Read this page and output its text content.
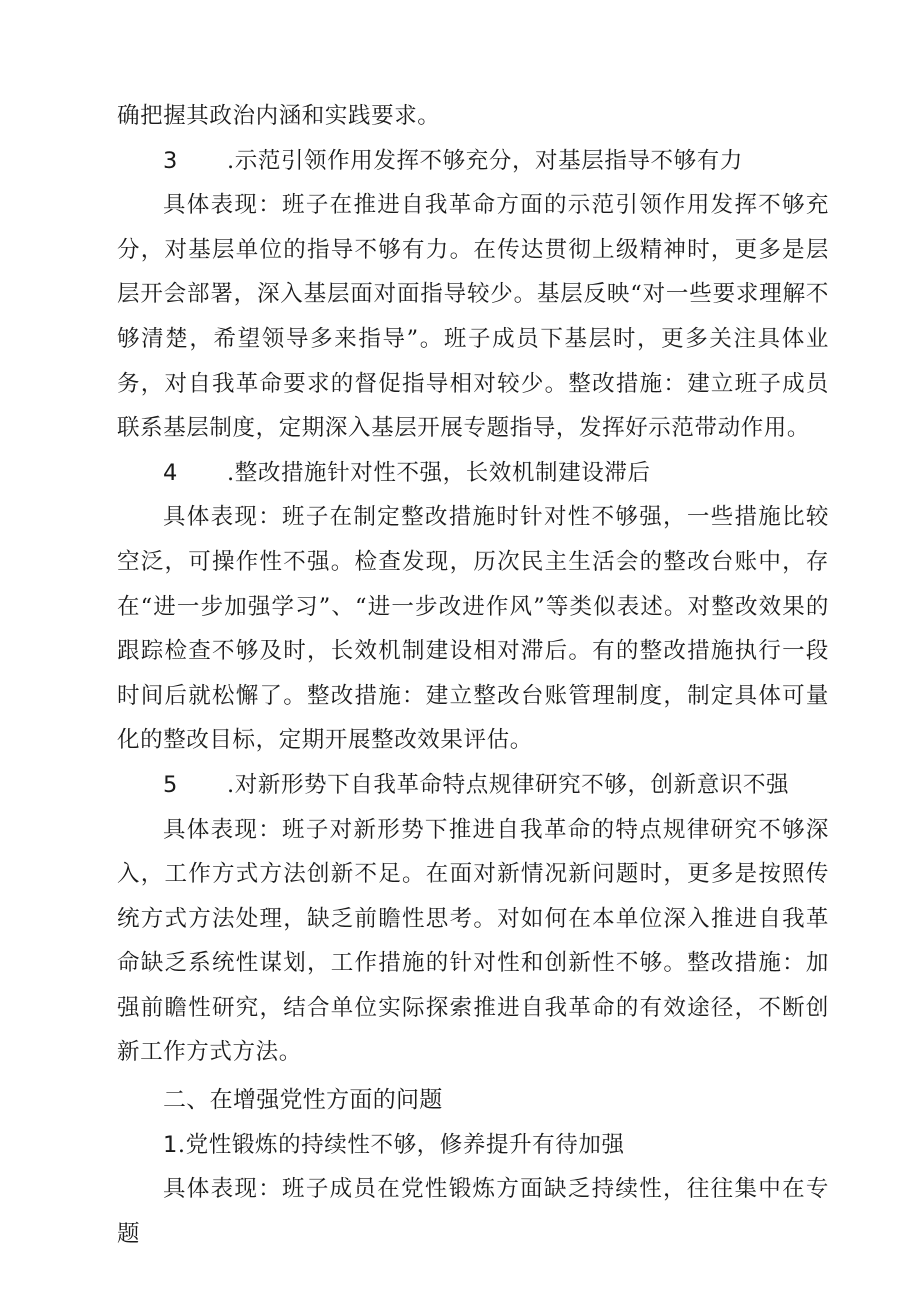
确把握其政治内涵和实践要求。

3 .示范引领作用发挥不够充分，对基层指导不够有力

具体表现：班子在推进自我革命方面的示范引领作用发挥不够充分，对基层单位的指导不够有力。在传达贯彻上级精神时，更多是层层开会部署，深入基层面对面指导较少。基层反映“对一些要求理解不够清楚，希望领导多来指导”。班子成员下基层时，更多关注具体业务，对自我革命要求的督促指导相对较少。整改措施：建立班子成员联系基层制度，定期深入基层开展专题指导，发挥好示范带动作用。

4 .整改措施针对性不强，长效机制建设滞后

具体表现：班子在制定整改措施时针对性不够强，一些措施比较空泛，可操作性不强。检查发现，历次民主生活会的整改台账中，存在“进一步加强学习”、“进一步改进作风”等类似表述。对整改效果的跟踪检查不够及时，长效机制建设相对滞后。有的整改措施执行一段时间后就松懈了。整改措施：建立整改台账管理制度，制定具体可量化的整改目标，定期开展整改效果评估。

5 .对新形势下自我革命特点规律研究不够，创新意识不强

具体表现：班子对新形势下推进自我革命的特点规律研究不够深入，工作方式方法创新不足。在面对新情况新问题时，更多是按照传统方式方法处理，缺乏前瞻性思考。对如何在本单位深入推进自我革命缺乏系统性谋划，工作措施的针对性和创新性不够。整改措施：加强前瞻性研究，结合单位实际探索推进自我革命的有效途径，不断创新工作方式方法。

二、在增强党性方面的问题

1.党性锻炼的持续性不够，修养提升有待加强

具体表现：班子成员在党性锻炼方面缺乏持续性，往往集中在专题
